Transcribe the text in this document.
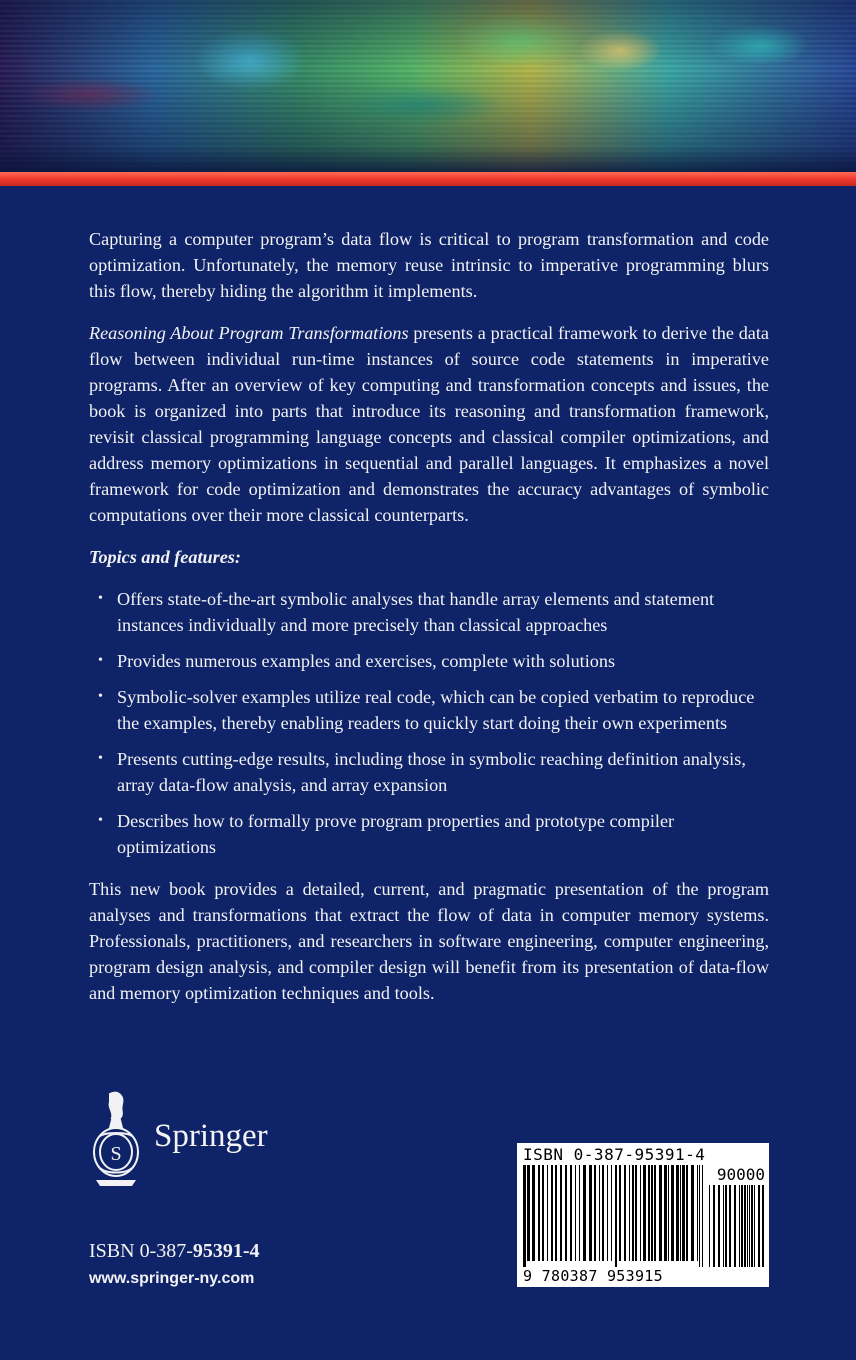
Capturing a computer program’s data flow is critical to program transformation and code optimization. Unfortunately, the memory reuse intrinsic to imperative programming blurs this flow, thereby hiding the algorithm it implements.

Reasoning About Program Transformations presents a practical framework to derive the data flow between individual run-time instances of source code statements in imperative programs. After an overview of key computing and transformation concepts and issues, the book is organized into parts that introduce its reasoning and transformation framework, revisit classical programming language concepts and classical compiler optimizations, and address memory optimizations in sequential and parallel languages. It emphasizes a novel framework for code optimization and demonstrates the accuracy advantages of symbolic computations over their more classical counterparts.

Topics and features:

• Offers state-of-the-art symbolic analyses that handle array elements and statement instances individually and more precisely than classical approaches
• Provides numerous examples and exercises, complete with solutions
• Symbolic-solver examples utilize real code, which can be copied verbatim to reproduce the examples, thereby enabling readers to quickly start doing their own experiments
• Presents cutting-edge results, including those in symbolic reaching definition analysis, array data-flow analysis, and array expansion
• Describes how to formally prove program properties and prototype compiler optimizations

This new book provides a detailed, current, and pragmatic presentation of the program analyses and transformations that extract the flow of data in computer memory systems. Professionals, practitioners, and researchers in software engineering, computer engineering, program design analysis, and compiler design will benefit from its presentation of data-flow and memory optimization techniques and tools.

S Springer
ISBN 0-387-95391-4
www.springer-ny.com
ISBN 0-387-95391-4
90000
9 780387 953915
